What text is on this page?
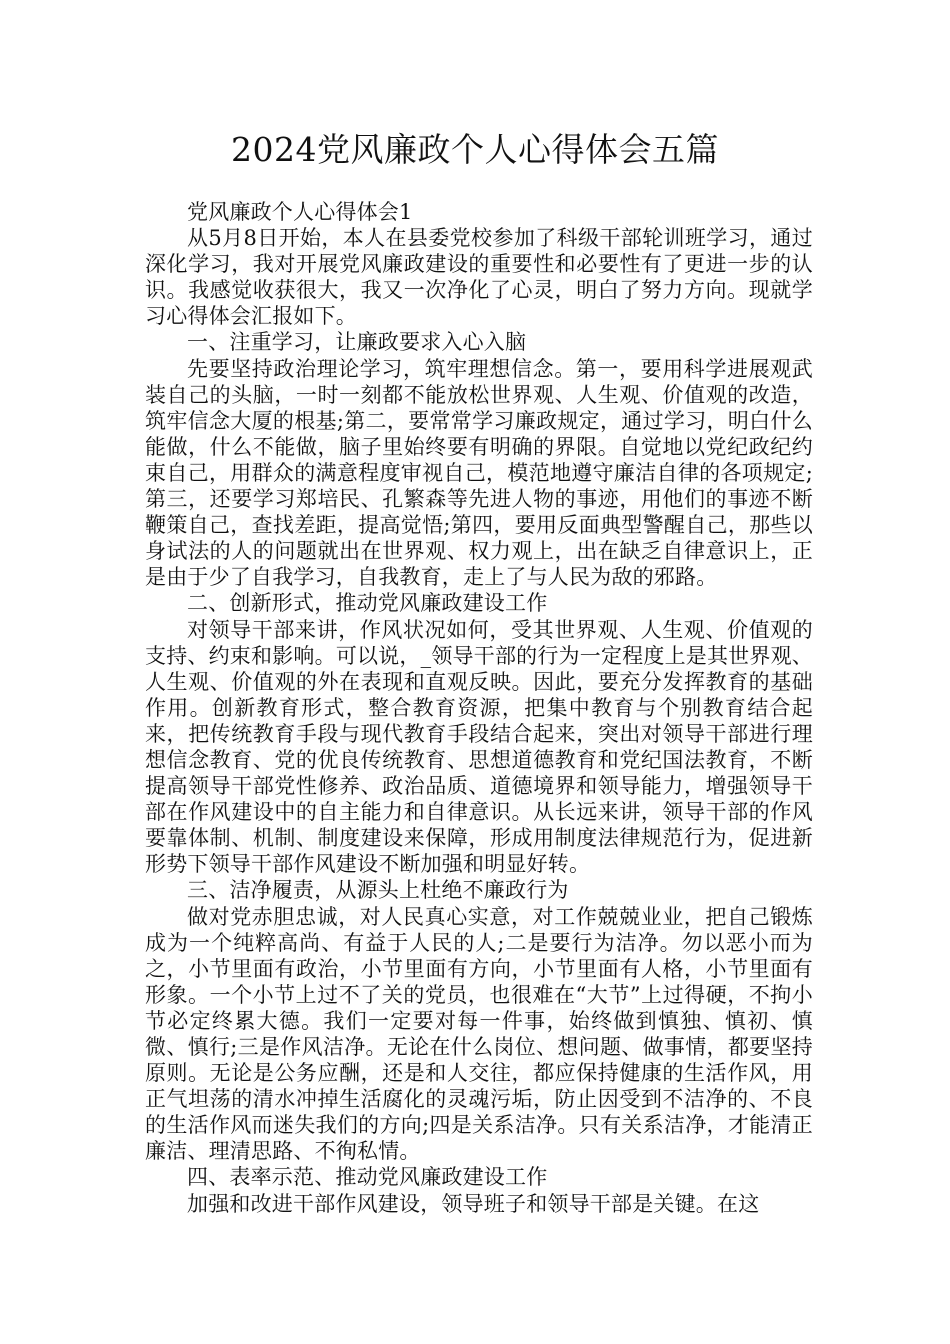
2024党风廉政个人心得体会五篇

党风廉政个人心得体会1

从5月8日开始，本人在县委党校参加了科级干部轮训班学习，通过深化学习，我对开展党风廉政建设的重要性和必要性有了更进一步的认识。我感觉收获很大，我又一次净化了心灵，明白了努力方向。现就学习心得体会汇报如下。

一、注重学习，让廉政要求入心入脑

先要坚持政治理论学习，筑牢理想信念。第一，要用科学进展观武装自己的头脑，一时一刻都不能放松世界观、人生观、价值观的改造，筑牢信念大厦的根基;第二，要常常学习廉政规定，通过学习，明白什么能做，什么不能做，脑子里始终要有明确的界限。自觉地以党纪政纪约束自己，用群众的满意程度审视自己，模范地遵守廉洁自律的各项规定;第三，还要学习郑培民、孔繁森等先进人物的事迹，用他们的事迹不断鞭策自己，查找差距，提高觉悟;第四，要用反面典型警醒自己，那些以身试法的人的问题就出在世界观、权力观上，出在缺乏自律意识上，正是由于少了自我学习，自我教育，走上了与人民为敌的邪路。

二、创新形式，推动党风廉政建设工作

对领导干部来讲，作风状况如何，受其世界观、人生观、价值观的支持、约束和影响。可以说，_领导干部的行为一定程度上是其世界观、人生观、价值观的外在表现和直观反映。因此，要充分发挥教育的基础作用。创新教育形式，整合教育资源，把集中教育与个别教育结合起来，把传统教育手段与现代教育手段结合起来，突出对领导干部进行理想信念教育、党的优良传统教育、思想道德教育和党纪国法教育，不断提高领导干部党性修养、政治品质、道德境界和领导能力，增强领导干部在作风建设中的自主能力和自律意识。从长远来讲，领导干部的作风要靠体制、机制、制度建设来保障，形成用制度法律规范行为，促进新形势下领导干部作风建设不断加强和明显好转。

三、洁净履责，从源头上杜绝不廉政行为

做对党赤胆忠诚，对人民真心实意，对工作兢兢业业，把自己锻炼成为一个纯粹高尚、有益于人民的人;二是要行为洁净。勿以恶小而为之，小节里面有政治，小节里面有方向，小节里面有人格，小节里面有形象。一个小节上过不了关的党员，也很难在“大节”上过得硬，不拘小节必定终累大德。我们一定要对每一件事，始终做到慎独、慎初、慎微、慎行;三是作风洁净。无论在什么岗位、想问题、做事情，都要坚持原则。无论是公务应酬，还是和人交往，都应保持健康的生活作风，用正气坦荡的清水冲掉生活腐化的灵魂污垢，防止因受到不洁净的、不良的生活作风而迷失我们的方向;四是关系洁净。只有关系洁净，才能清正廉洁、理清思路、不徇私情。

四、表率示范、推动党风廉政建设工作

加强和改进干部作风建设，领导班子和领导干部是关键。在这
